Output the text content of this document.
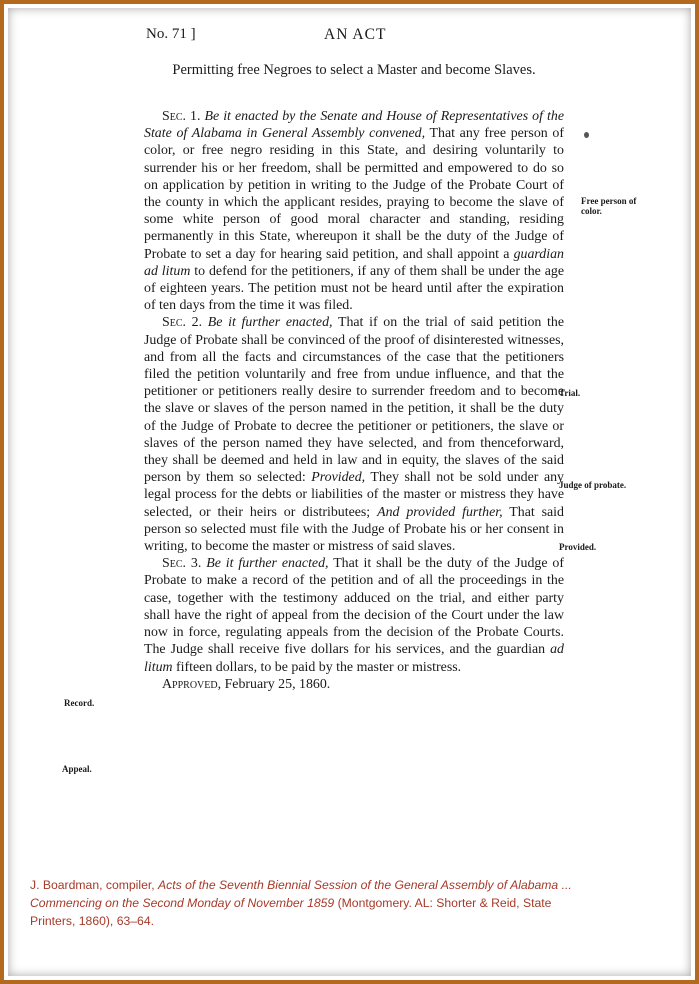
No. 71 ]	AN ACT
Permitting free Negroes to select a Master and become Slaves.

Sec. 1. Be it enacted by the Senate and House of Representatives of the State of Alabama in General Assembly convened, That any free person of color, or free negro residing in this State, and desiring voluntarily to surrender his or her freedom, shall be permitted and empowered to do so on application by petition in writing to the Judge of the Probate Court of the county in which the applicant resides, praying to become the slave of some white person of good moral character and standing, residing permanently in this State, whereupon it shall be the duty of the Judge of Probate to set a day for hearing said petition, and shall appoint a guardian ad litum to defend for the petitioners, if any of them shall be under the age of eighteen years. The petition must not be heard until after the expiration of ten days from the time it was filed.

Sec. 2. Be it further enacted, That if on the trial of said petition the Judge of Probate shall be convinced of the proof of disinterested witnesses, and from all the facts and circumstances of the case that the petitioners filed the petition voluntarily and free from undue influence, and that the petitioner or petitioners really desire to surrender freedom and to become the slave or slaves of the person named in the petition, it shall be the duty of the Judge of Probate to decree the petitioner or petitioners, the slave or slaves of the person named they have selected, and from thenceforward, they shall be deemed and held in law and in equity, the slaves of the said person by them so selected: Provided, They shall not be sold under any legal process for the debts or liabilities of the master or mistress they have selected, or their heirs or distributees; And provided further, That said person so selected must file with the Judge of Probate his or her consent in writing, to become the master or mistress of said slaves.

Sec. 3. Be it further enacted, That it shall be the duty of the Judge of Probate to make a record of the petition and of all the proceedings in the case, together with the testimony adduced on the trial, and either party shall have the right of appeal from the decision of the Court under the law now in force, regulating appeals from the decision of the Probate Courts. The Judge shall receive five dollars for his services, and the guardian ad litum fifteen dollars, to be paid by the master or mistress.

Approved, February 25, 1860.

Free person of color.
Trial.
Judge of probate.
Provided.
Record.
Appeal.
J. Boardman, compiler, Acts of the Seventh Biennial Session of the General Assembly of Alabama ... Commencing on the Second Monday of November 1859 (Montgomery. AL: Shorter & Reid, State Printers, 1860), 63–64.
